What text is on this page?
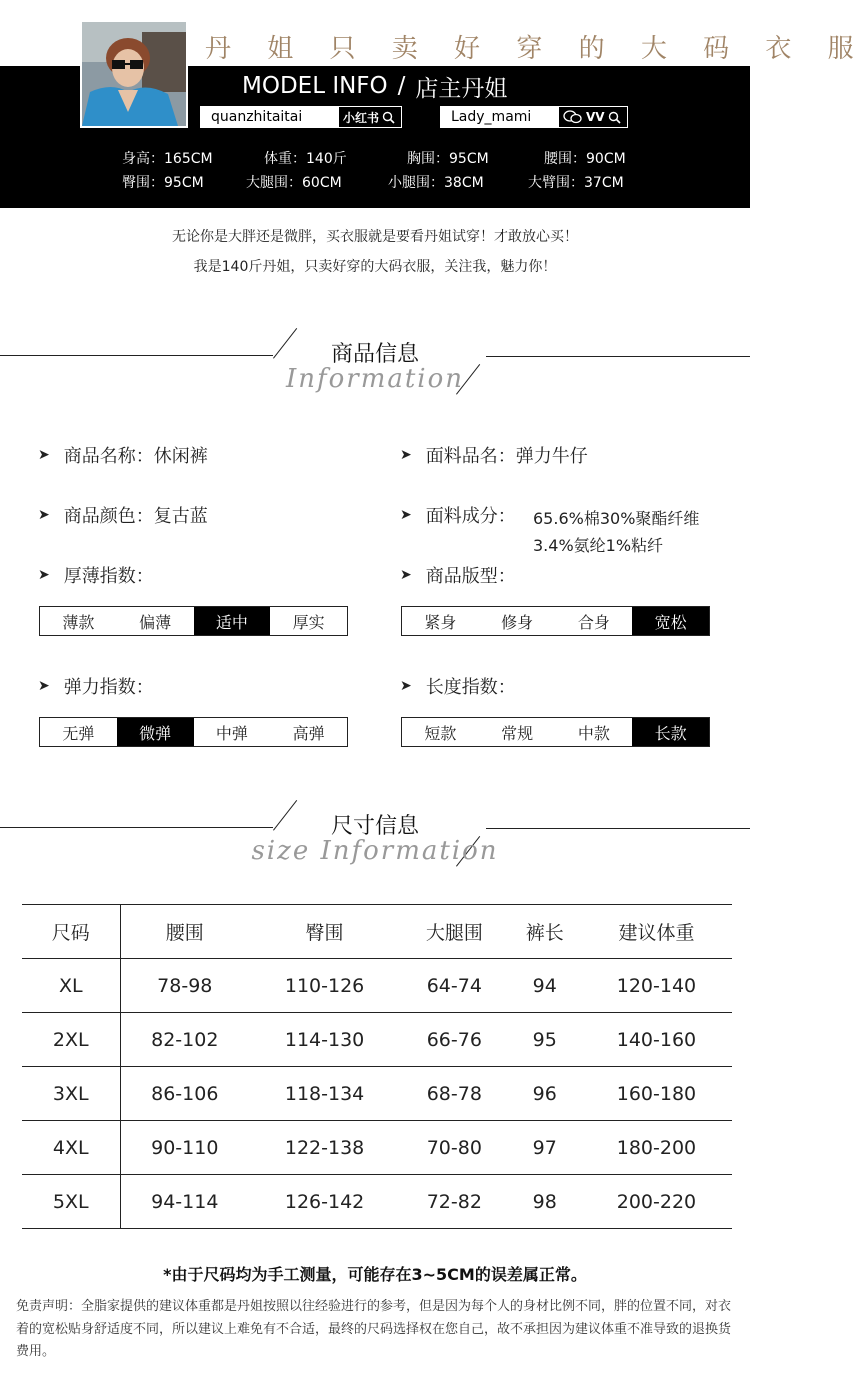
丹 姐 只 卖 好 穿 的 大 码 衣 服
MODEL INFO / 店主丹姐
quanzhitaitai	小红书	Lady_mami	VV
身高：165CM	体重：140斤	胸围：95CM	腰围：90CM
臀围：95CM	大腿围：60CM	小腿围：38CM	大臂围：37CM
无论你是大胖还是微胖，买衣服就是要看丹姐试穿！才敢放心买！
我是140斤丹姐，只卖好穿的大码衣服，关注我，魅力你！
商品信息
Information
➤ 商品名称： 休闲裤	➤ 面料品名： 弹力牛仔
➤ 商品颜色： 复古蓝	➤ 面料成分： 65.6%棉30%聚酯纤维
3.4%氨纶1%粘纤
➤ 厚薄指数：	➤ 商品版型：
薄款	偏薄	适中	厚实	紧身	修身	合身	宽松
➤ 弹力指数：	➤ 长度指数：
无弹	微弹	中弹	高弹	短款	常规	中款	长款
尺寸信息
size Information
尺码	腰围	臀围	大腿围	裤长	建议体重
XL	78-98	110-126	64-74	94	120-140
2XL	82-102	114-130	66-76	95	140-160
3XL	86-106	118-134	68-78	96	160-180
4XL	90-110	122-138	70-80	97	180-200
5XL	94-114	126-142	72-82	98	200-220
*由于尺码均为手工测量，可能存在3~5CM的误差属正常。
免责声明：全脂家提供的建议体重都是丹姐按照以往经验进行的参考，但是因为每个人的身材比例不同，胖的位置不同，对衣着的宽松贴身舒适度不同，所以建议上难免有不合适，最终的尺码选择权在您自己，故不承担因为建议体重不准导致的退换货费用。
